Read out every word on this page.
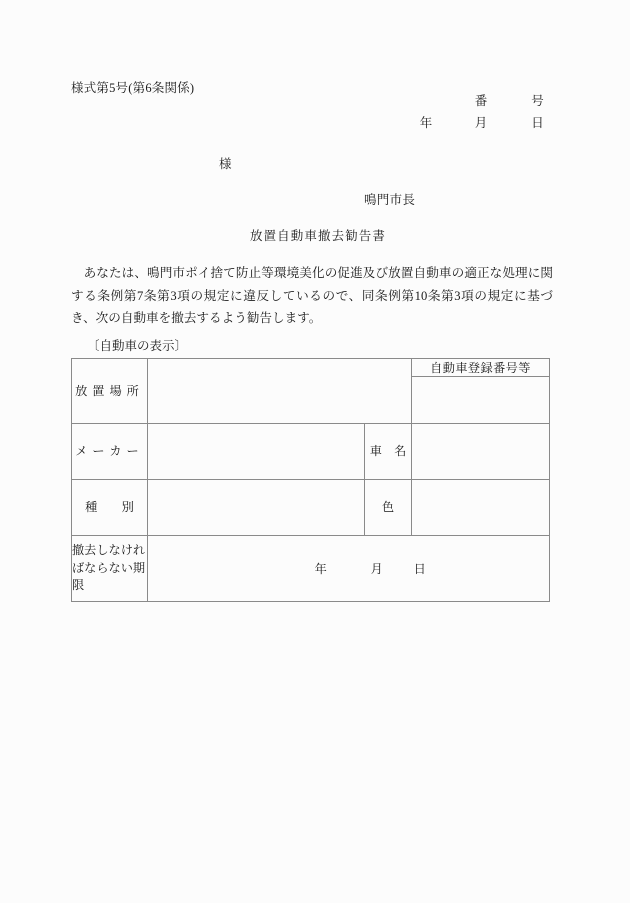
様式第5号(第6条関係)
番	号
年	月	日
様
鳴門市長
放置自動車撤去勧告書

あなたは、鳴門市ポイ捨て防止等環境美化の促進及び放置自動車の適正な処理に関する条例第7条第3項の規定に違反しているので、同条例第10条第3項の規定に基づき、次の自動車を撤去するよう勧告します。

〔自動車の表示〕
放置場所			自動車登録番号等

メーカー		車　名	
種　　別		色	
撤去しなければならない期限	年 月 日		
